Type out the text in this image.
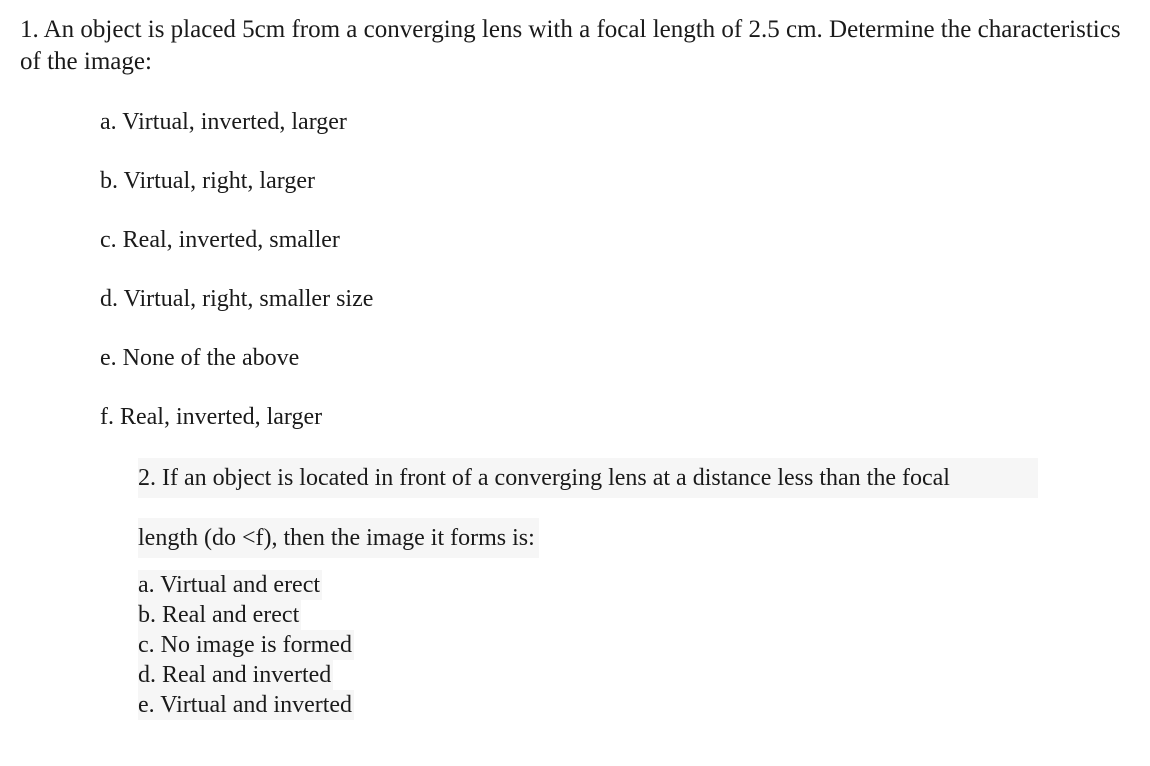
1. An object is placed 5cm from a converging lens with a focal length of 2.5 cm. Determine the characteristics of the image:
a. Virtual, inverted, larger
b. Virtual, right, larger
c. Real, inverted, smaller
d. Virtual, right, smaller size
e. None of the above
f. Real, inverted, larger
2. If an object is located in front of a converging lens at a distance less than the focal
length (do <f), then the image it forms is:
a. Virtual and erect
b. Real and erect
c. No image is formed
d. Real and inverted
e. Virtual and inverted
